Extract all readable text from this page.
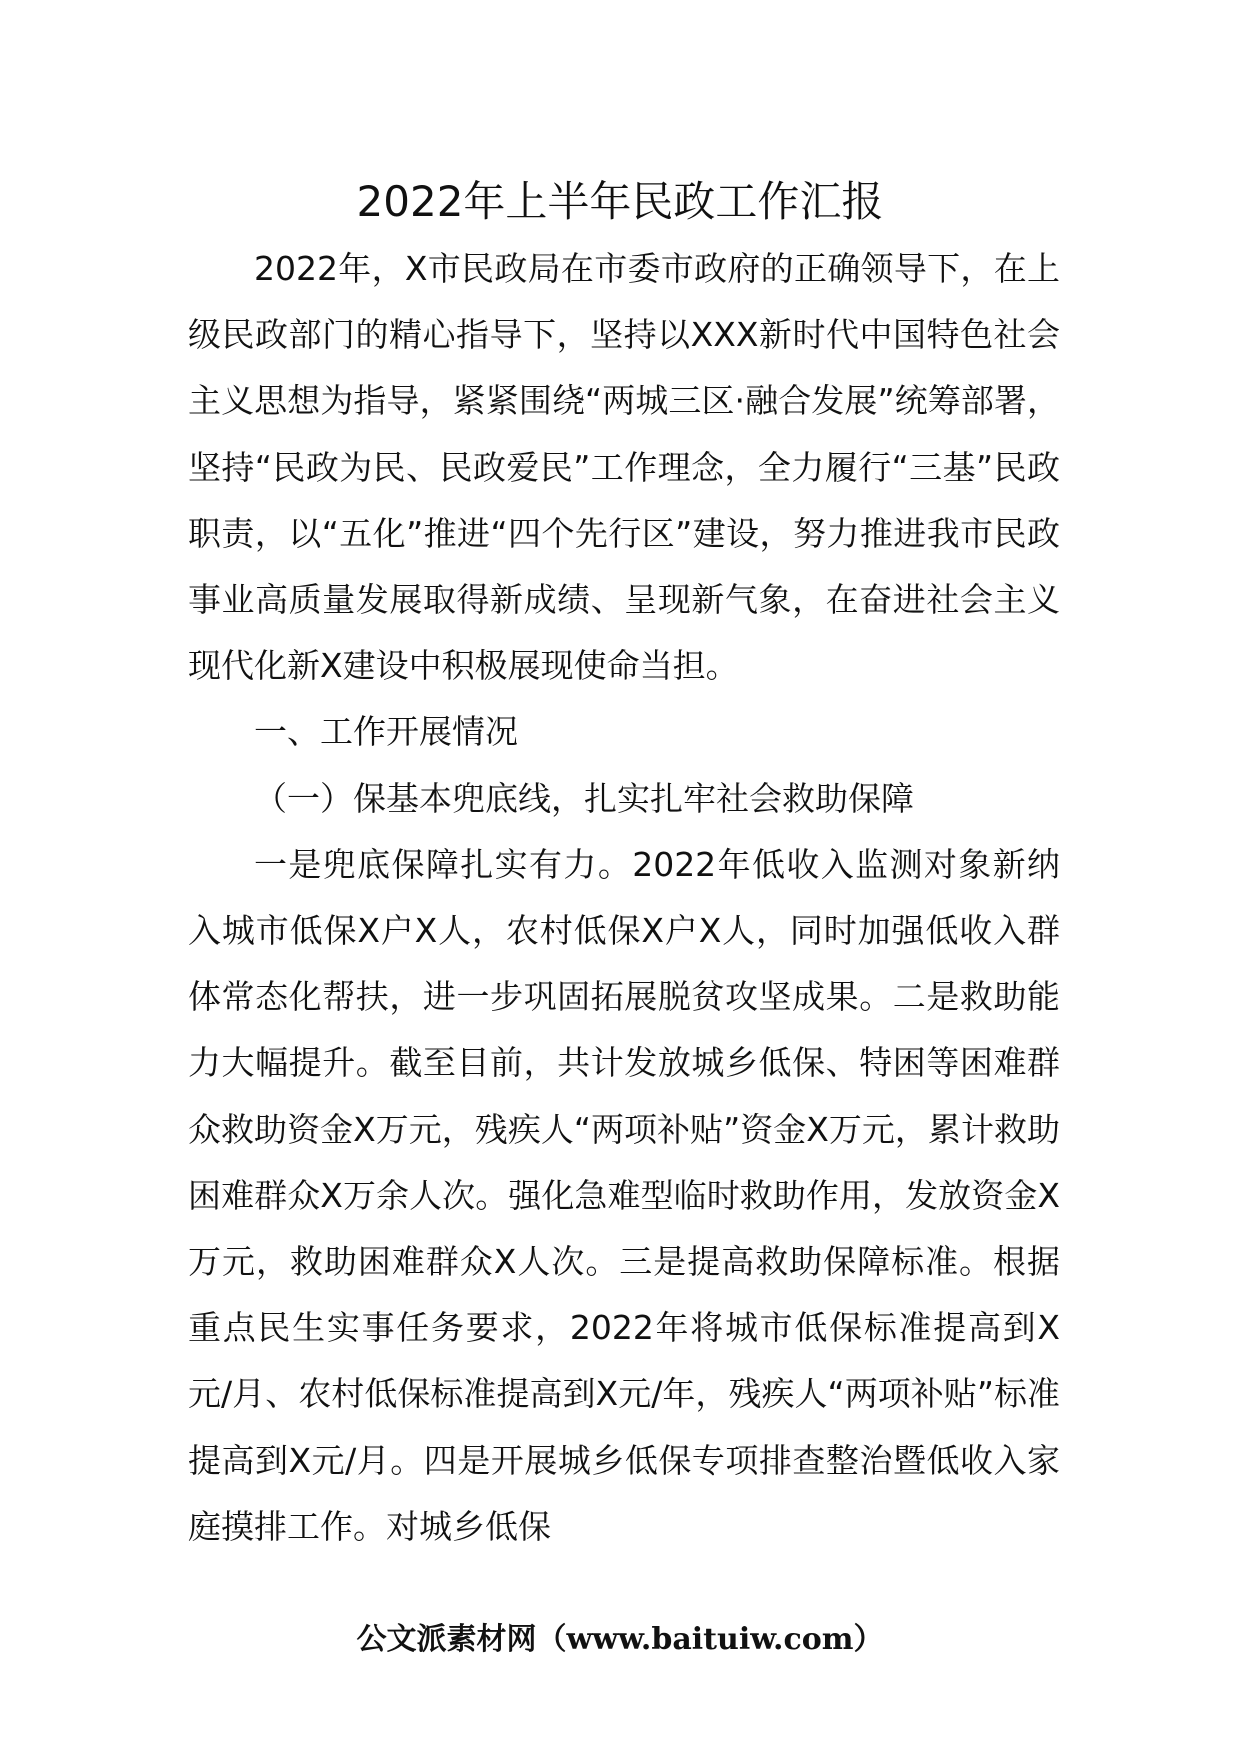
2022年上半年民政工作汇报

2022年，X市民政局在市委市政府的正确领导下，在上级民政部门的精心指导下，坚持以XXX新时代中国特色社会主义思想为指导，紧紧围绕“两城三区·融合发展”统筹部署，坚持“民政为民、民政爱民”工作理念，全力履行“三基”民政职责，以“五化”推进“四个先行区”建设，努力推进我市民政事业高质量发展取得新成绩、呈现新气象，在奋进社会主义现代化新X建设中积极展现使命当担。

一、工作开展情况

（一）保基本兜底线，扎实扎牢社会救助保障

一是兜底保障扎实有力。2022年低收入监测对象新纳入城市低保X户X人，农村低保X户X人，同时加强低收入群体常态化帮扶，进一步巩固拓展脱贫攻坚成果。二是救助能力大幅提升。截至目前，共计发放城乡低保、特困等困难群众救助资金X万元，残疾人“两项补贴”资金X万元，累计救助困难群众X万余人次。强化急难型临时救助作用，发放资金X万元，救助困难群众X人次。三是提高救助保障标准。根据重点民生实事任务要求，2022年将城市低保标准提高到X元/月、农村低保标准提高到X元/年，残疾人“两项补贴”标准提高到X元/月。四是开展城乡低保专项排查整治暨低收入家庭摸排工作。对城乡低保

公文派素材网（www.baituiw.com）
